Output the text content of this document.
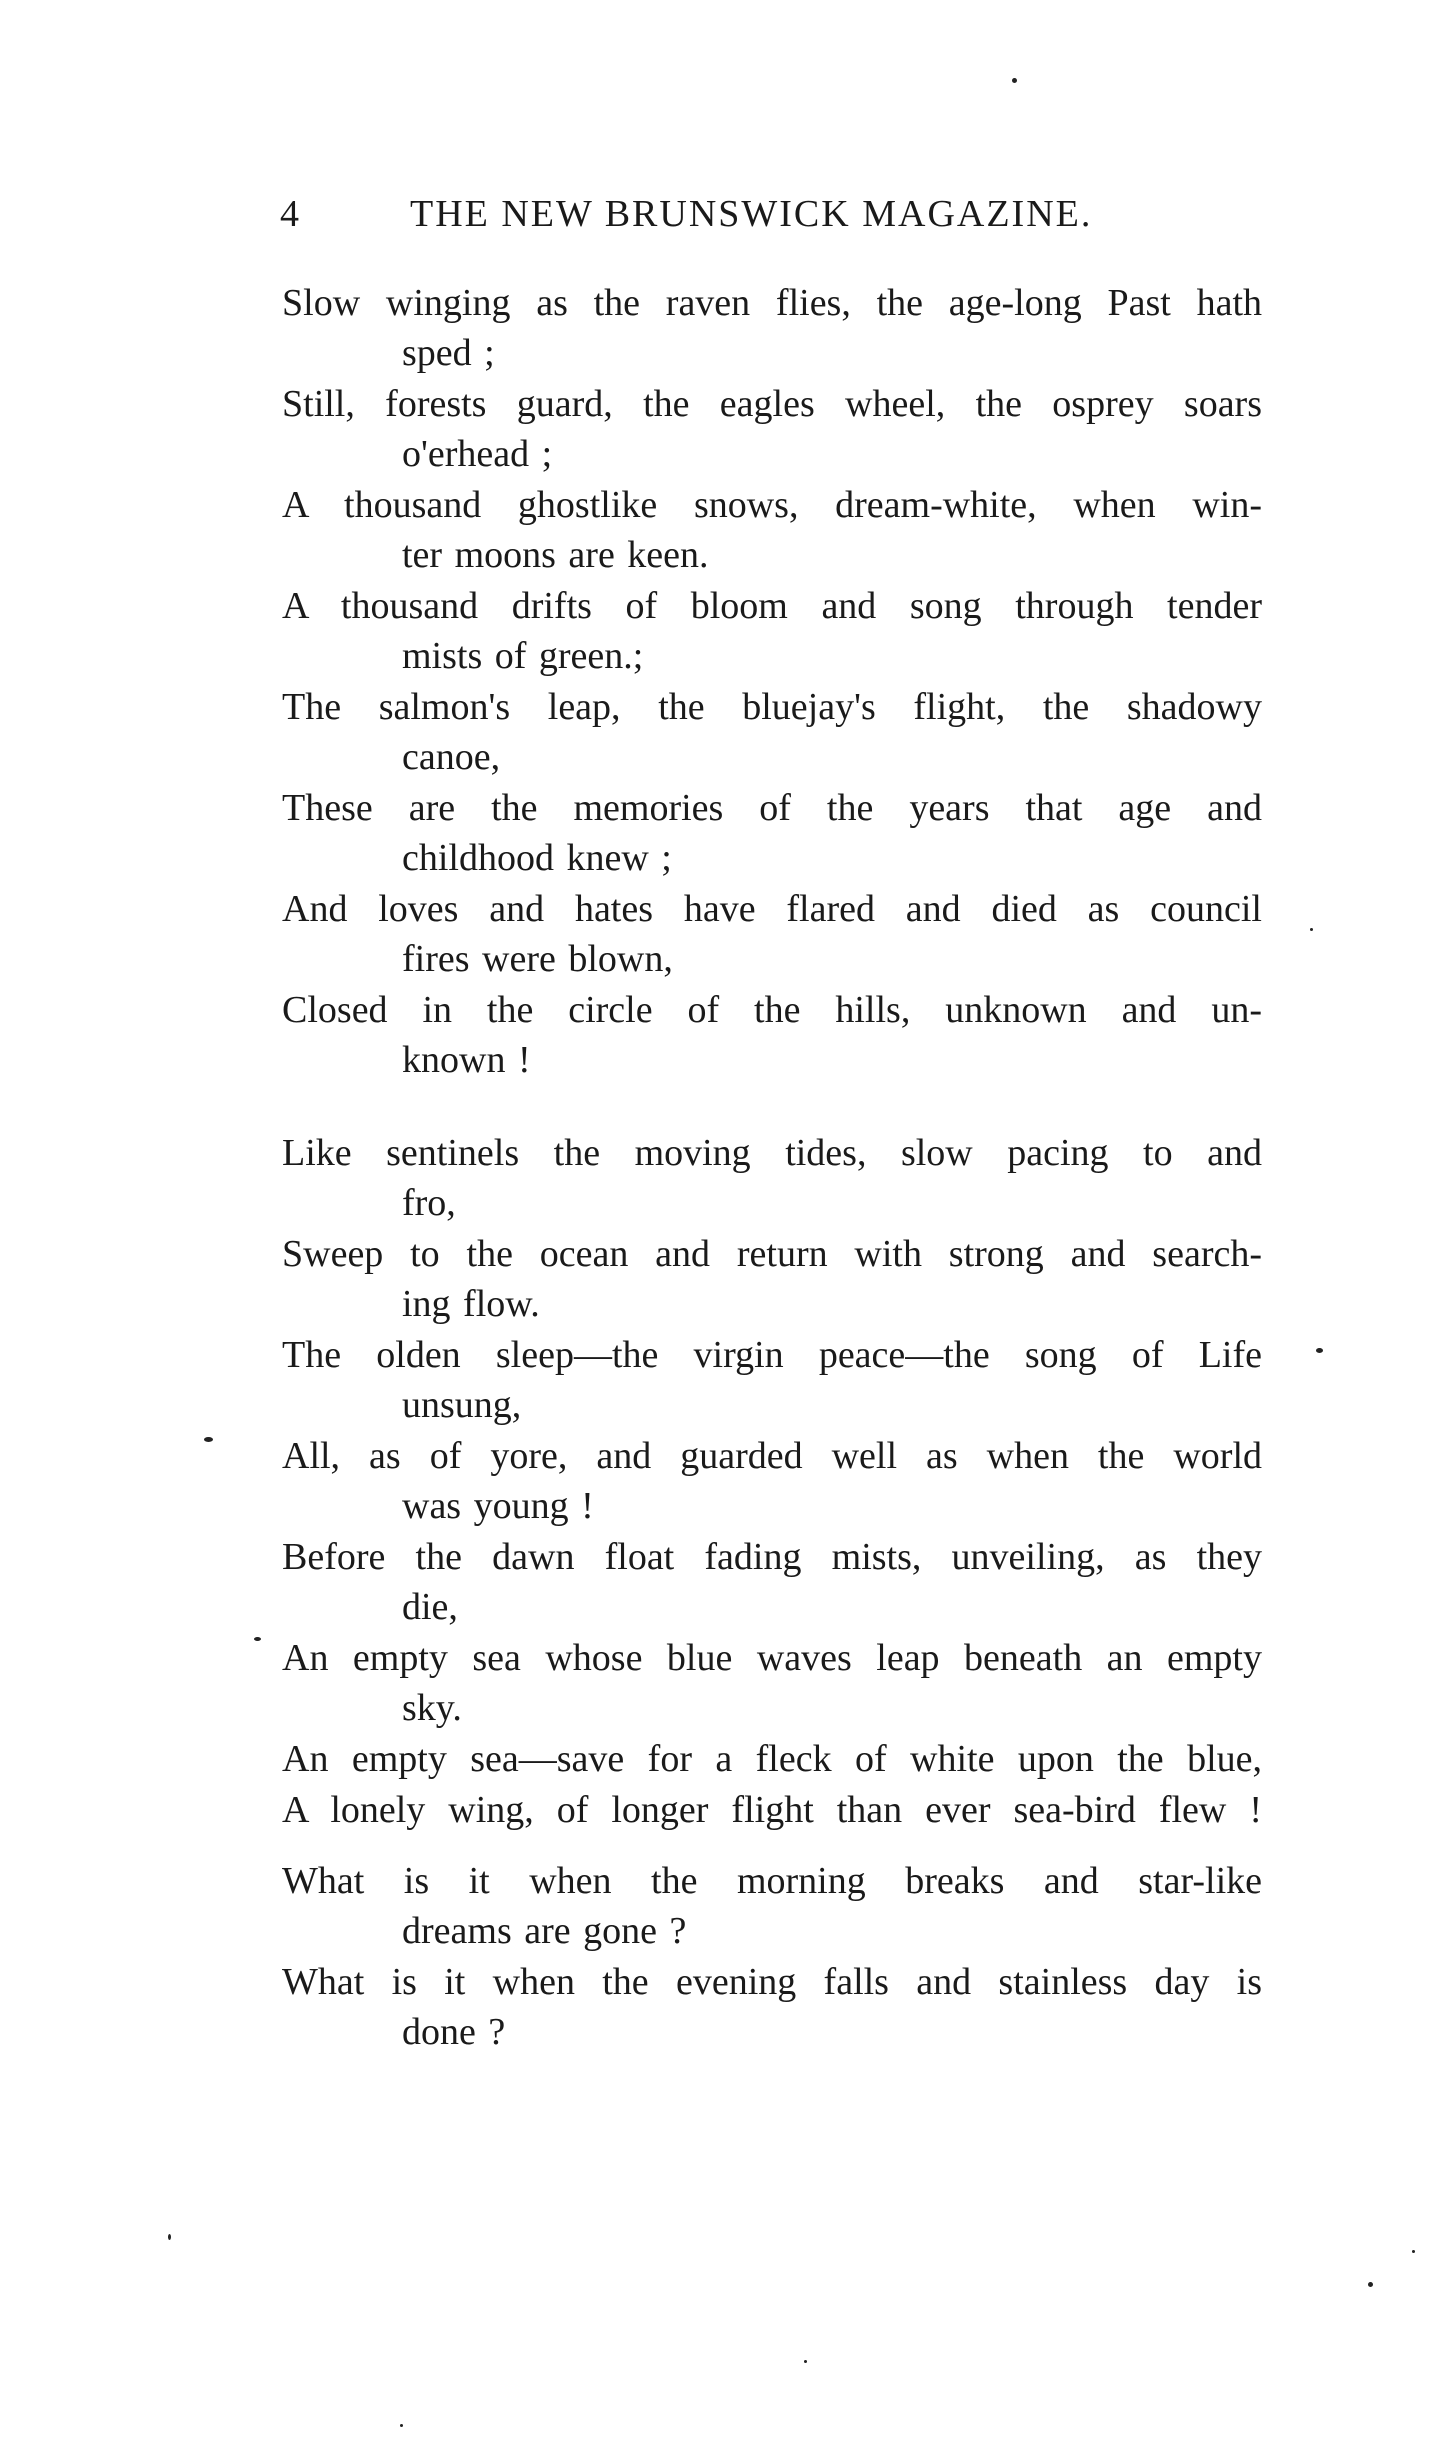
4	THE NEW BRUNSWICK MAGAZINE.
Slow winging as the raven flies, the age-long Past hath
sped ;
Still, forests guard, the eagles wheel, the osprey soars
o'erhead ;
A thousand ghostlike snows, dream-white, when win-
ter moons are keen.
A thousand drifts of bloom and song through tender
mists of green.;
The salmon's leap, the bluejay's flight, the shadowy
canoe,
These are the memories of the years that age and
childhood knew ;
And loves and hates have flared and died as council
fires were blown,
Closed in the circle of the hills, unknown and un-
known !
Like sentinels the moving tides, slow pacing to and
fro,
Sweep to the ocean and return with strong and search-
ing flow.
The olden sleep—the virgin peace—the song of Life
unsung,
All, as of yore, and guarded well as when the world
was young !
Before the dawn float fading mists, unveiling, as they
die,
An empty sea whose blue waves leap beneath an empty
sky.
An empty sea—save for a fleck of white upon the blue,
A lonely wing, of longer flight than ever sea-bird flew !
What is it when the morning breaks and star-like
dreams are gone ?
What is it when the evening falls and stainless day is
done ?
